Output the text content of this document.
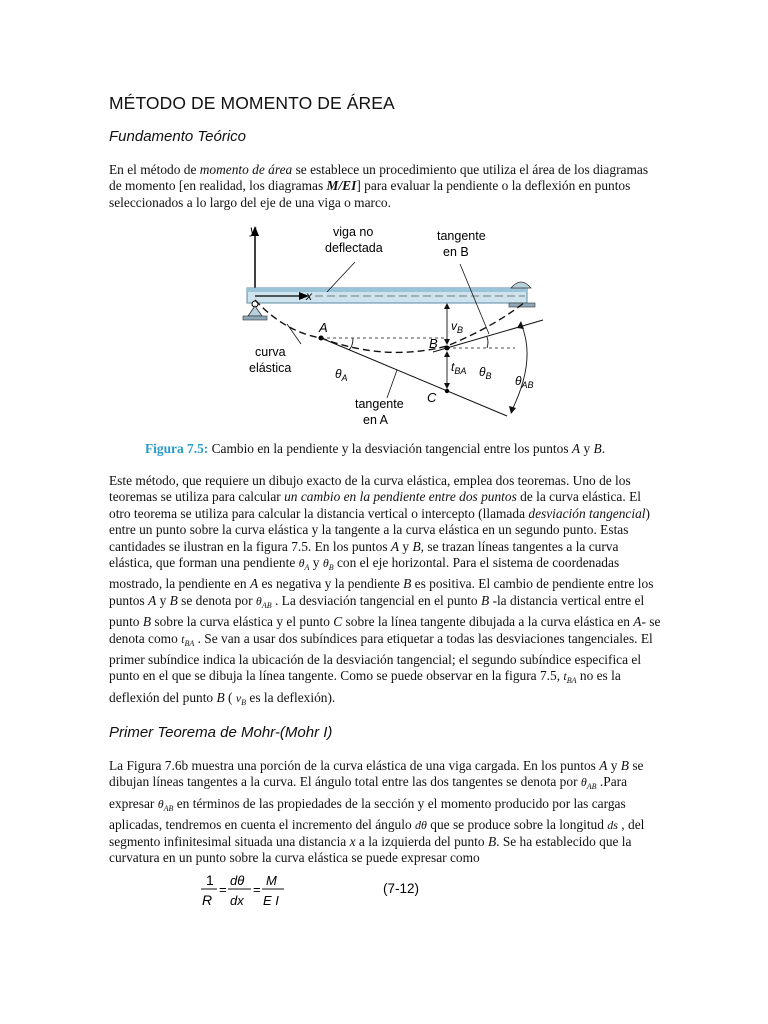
MÉTODO DE MOMENTO DE ÁREA
Fundamento Teórico
En el método de momento de área se establece un procedimiento que utiliza el área de los diagramas de momento [en realidad, los diagramas M/EI] para evaluar la pendiente o la deflexión en puntos seleccionados a lo largo del eje de una viga o marco.
y
x
A
B
C
$v_B$
$t_{BA}$
$\theta_A$	$\theta_B$ $\theta_{AB}$
viga no
deflectada
tangente
en B
curva
elástica
tangente
en A
Figura 7.5: Cambio en la pendiente y la desviación tangencial entre los puntos A y B.
Este método, que requiere un dibujo exacto de la curva elástica, emplea dos teoremas. Uno de los teoremas se utiliza para calcular un cambio en la pendiente entre dos puntos de la curva elástica. El otro teorema se utiliza para calcular la distancia vertical o intercepto (llamada desviación tangencial) entre un punto sobre la curva elástica y la tangente a la curva elástica en un segundo punto. Estas cantidades se ilustran en la figura 7.5. En los puntos A y B, se trazan líneas tangentes a la curva elástica, que forman una pendiente $\theta_A$ y $\theta_B$ con el eje horizontal. Para el sistema de coordenadas mostrado, la pendiente en A es negativa y la pendiente B es positiva. El cambio de pendiente entre los puntos A y B se denota por $\theta_{AB}$ . La desviación tangencial en el punto B -la distancia vertical entre el punto B sobre la curva elástica y el punto C sobre la línea tangente dibujada a la curva elástica en A- se denota como $t_{BA}$ . Se van a usar dos subíndices para etiquetar a todas las desviaciones tangenciales. El primer subíndice indica la ubicación de la desviación tangencial; el segundo subíndice especifica el punto en el que se dibuja la línea tangente. Como se puede observar en la figura 7.5, $t_{BA}$ no es la deflexión del punto B ( $v_B$ es la deflexión).
Primer Teorema de Mohr-(Mohr I)
La Figura 7.6b muestra una porción de la curva elástica de una viga cargada. En los puntos A y B se dibujan líneas tangentes a la curva. El ángulo total entre las dos tangentes se denota por $\theta_{AB}$ .Para expresar $\theta_{AB}$ en términos de las propiedades de la sección y el momento producido por las cargas aplicadas, tendremos en cuenta el incremento del ángulo dθ que se produce sobre la longitud ds , del segmento infinitesimal situada una distancia x a la izquierda del punto B. Se ha establecido que la curvatura en un punto sobre la curva elástica se puede expresar como
1
R
=
dθ
dx
=
M
E I
(7-12)
